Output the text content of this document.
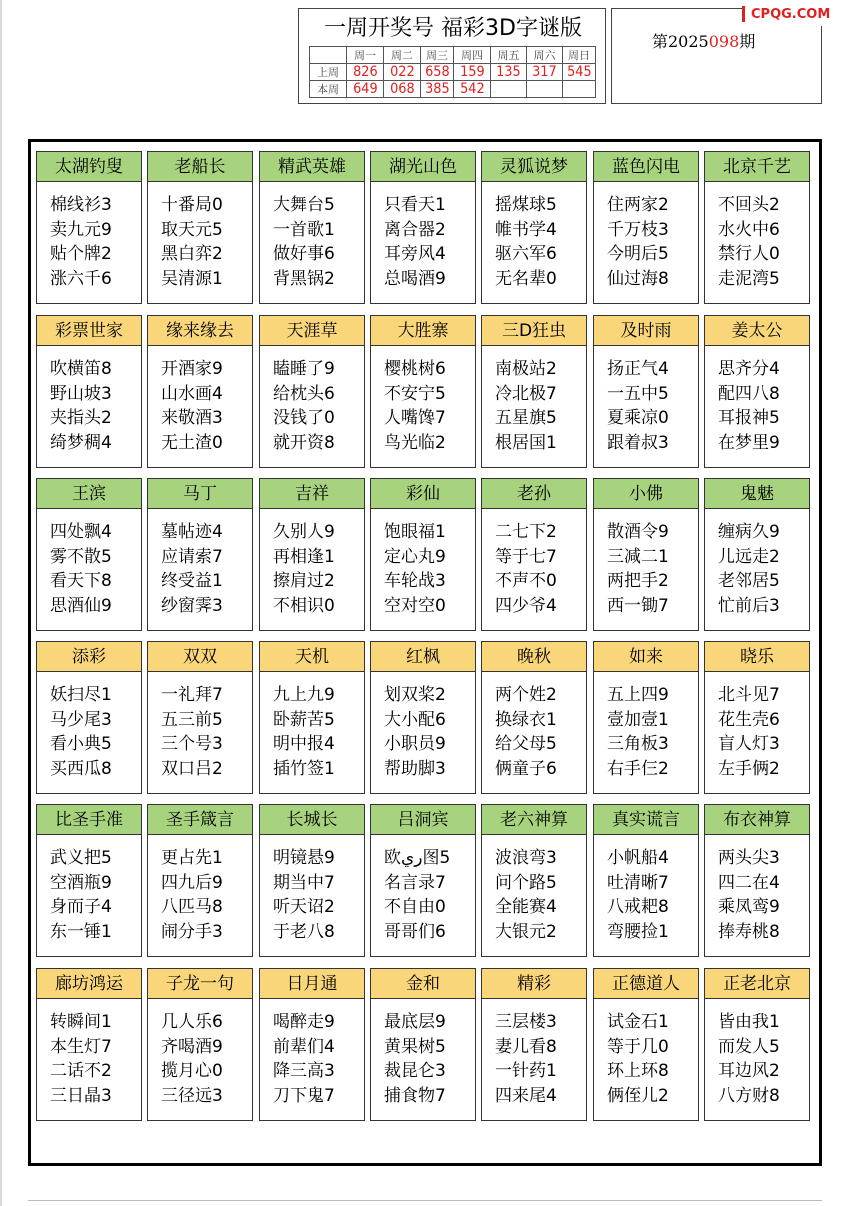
一周开奖号 福彩3D字谜版
	周一	周二	周三	周四	周五	周六	周日
上周	826	022	658	159	135	317	545
本周	649	068	385	542			
第2025098期
CPQG.COM
太湖钓叟
棉线衫3
卖九元9
贴个牌2
涨六千6
老船长
十番局0
取天元5
黑白弈2
吴清源1
精武英雄
大舞台5
一首歌1
做好事6
背黑锅2
湖光山色
只看天1
离合器2
耳旁风4
总喝酒9
灵狐说梦
摇煤球5
帷书学4
驱六军6
无名辈0
蓝色闪电
住两家2
千万枝3
今明后5
仙过海8
北京千艺
不回头2
水火中6
禁行人0
走泥湾5
彩票世家
吹横笛8
野山坡3
夹指头2
绮梦稠4
缘来缘去
开酒家9
山水画4
来敬酒3
无土渣0
天涯草
瞌睡了9
给枕头6
没钱了0
就开资8
大胜寨
樱桃树6
不安宁5
人嘴馋7
鸟光临2
三D狂虫
南极站2
冷北极7
五星旗5
根居国1
及时雨
扬正气4
一五中5
夏乘凉0
跟着叔3
姜太公
思齐分4
配四八8
耳报神5
在梦里9
王滨
四处飘4
雾不散5
看天下8
思酒仙9
马丁
墓帖迹4
应请索7
终受益1
纱窗霁3
吉祥
久别人9
再相逢1
擦肩过2
不相识0
彩仙
饱眼福1
定心丸9
车轮战3
空对空0
老孙
二七下2
等于七7
不声不0
四少爷4
小佛
散酒令9
三减二1
两把手2
西一锄7
鬼魅
缠病久9
儿远走2
老邻居5
忙前后3
添彩
妖扫尽1
马少尾3
看小典5
买西瓜8
双双
一礼拜7
五三前5
三个号3
双口吕2
天机
九上九9
卧薪苦5
明中报4
插竹签1
红枫
划双桨2
大小配6
小职员9
帮助脚3
晚秋
两个姓2
换绿衣1
给父母5
俩童子6
如来
五上四9
壹加壹1
三角板3
右手仨2
晓乐
北斗见7
花生壳6
盲人灯3
左手俩2
比圣手准
武义把5
空酒瓶9
身而子4
东一锤1
圣手箴言
更占先1
四九后9
八匹马8
闹分手3
长城长
明镜悬9
期当中7
听天诏2
于老八8
吕洞宾
欧ري图5
名言录7
不自由0
哥哥们6
老六神算
波浪弯3
问个路5
全能赛4
大银元2
真实谎言
小帆船4
吐清晰7
八戒耙8
弯腰捡1
布衣神算
两头尖3
四二在4
乘凤鸾9
捧寿桃8
廊坊鸿运
转瞬间1
本生灯7
二话不2
三日晶3
子龙一句
几人乐6
齐喝酒9
揽月心0
三径远3
日月通
喝醉走9
前辈们4
降三高3
刀下鬼7
金和
最底层9
黄果树5
裁昆仑3
捕食物7
精彩
三层楼3
妻儿看8
一针药1
四来尾4
正德道人
试金石1
等于几0
环上环8
俩侄儿2
正老北京
皆由我1
而发人5
耳边风2
八方财8
